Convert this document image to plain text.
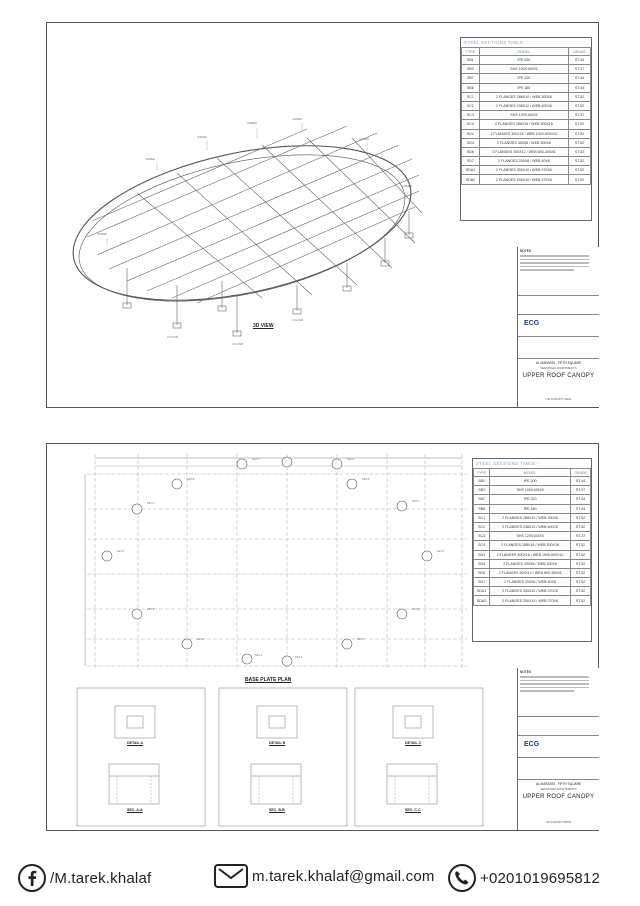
GIRDER
GIRDER
GIRDER
GIRDER
GIRDER
GIRDER
GIRDER
COLUMN
COLUMN
COLUMN
3D VIEW
STEEL SECTIONS TABLE:-
TYPE	MODEL	GRADE
SB1	IPE 200	ST.44
SB3	SHS 100X100X5	ST.37
SB7	IPE 220	ST.44
SB8	IPE 180	ST.44
SC1	2 FLANGES 288X10 / WEB 300X6	ST.52
SC2	2 FLANGES 238X12 / WEB 400X6	ST.52
SC3	SHS 120X100X5	ST.37
SC4	2 FLANGES 288X16 / WEB 300X18	ST.52
SD1	2 FLANGES 300X16 / WEB 1000-600X10	ST.52
SD4	2 FLANGES 300X8 / WEB 300X6	ST.52
SD6	2 FLANGES 300X12 / WEB 800-300X8	ST.52
SD7	2 FLANGES 200X8 / WEB 40X8	ST.52
SDA1	2 FLANGES 300X10 / WEB 370X6	ST.52
SDA2	2 FLANGES 200X10 / WEB 370X6	ST.52
NOTES
ECG
AL MARASSI - FIFTH SQUARE
SERVICED APARTMENTS
UPPER ROOF CANOPY
UR-CANOPY-3D01
DET.A	DET.A
DET.B	DET.B
DET.C
DET.C
DET.A	DET.A
DET.B	DET.B
DET.C	DET.C
DET.A
DET.A
BASE PLATE PLAN
DETAIL A	DETAIL B	DETAIL C
SEC. A-A	SEC. B-B	SEC. C-C
STEEL SECTIONS TABLE:-
TYPE	MODEL	GRADE
SB1	IPE 200	ST.44
SB3	SHS 100X100X5	ST.37
SB7	IPE 220	ST.44
SB8	IPE 180	ST.44
SC1	2 FLANGES 288X10 / WEB 300X6	ST.52
SC2	2 FLANGES 238X12 / WEB 400X6	ST.52
SC3	SHS 120X100X5	ST.37
SC4	2 FLANGES 288X16 / WEB 300X18	ST.52
SD1	2 FLANGES 300X16 / WEB 1000-600X10	ST.52
SD4	2 FLANGES 300X8 / WEB 300X6	ST.52
SD6	2 FLANGES 300X12 / WEB 800-300X8	ST.52
SD7	2 FLANGES 200X8 / WEB 40X8	ST.52
SDA1	2 FLANGES 300X10 / WEB 370X6	ST.52
SDA2	2 FLANGES 200X10 / WEB 370X6	ST.52
NOTES
ECG
AL MARASSI - FIFTH SQUARE
SERVICED APARTMENTS
UPPER ROOF CANOPY
UR-CANOPY-BP01
/M.tarek.khalaf	m.tarek.khalaf@gmail.com	+0201019695812
